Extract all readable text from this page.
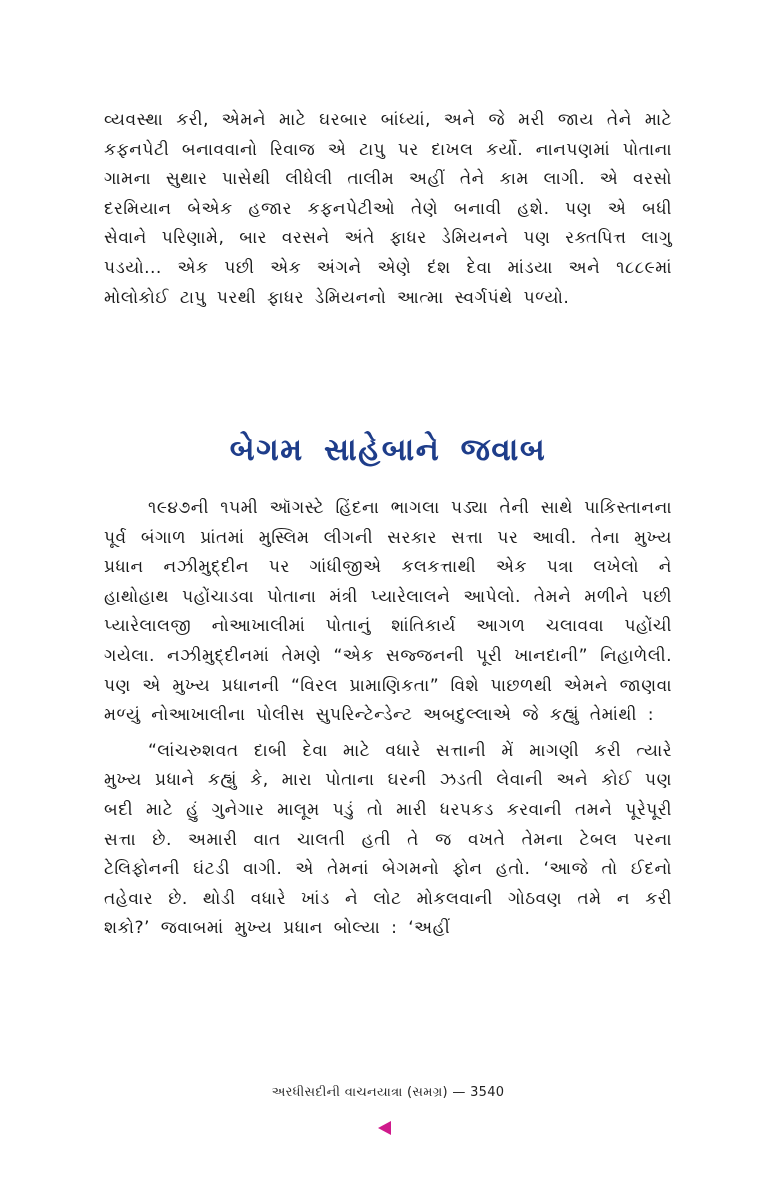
વ્યવસ્થા કરી, એમને માટે ઘરબાર બાંધ્યાં, અને જે મરી જાય તેને માટે કફનપેટી બનાવવાનો રિવાજ એ ટાપુ પર દાખલ કર્યો. નાનપણમાં પોતાના ગામના સુથાર પાસેથી લીધેલી તાલીમ અહીં તેને કામ લાગી. એ વરસો દરમિયાન બેએક હજાર કફનપેટીઓ તેણે બનાવી હશે. પણ એ બધી સેવાને પરિણામે, બાર વરસને અંતે ફાધર ડેમિયનને પણ રક્તપિત્ત લાગુ પડયો... એક પછી એક અંગને એણે દંશ દેવા માંડયા અને ૧૮૮૯માં મોલોકોઈ ટાપુ પરથી ફાધર ડેમિયનનો આત્મા સ્વર્ગપંથે પળ્યો.

બેગમ સાહેબાને જવાબ

૧૯૪૭ની ૧૫મી ઑગસ્ટે હિંદના ભાગલા પડ્યા તેની સાથે પાકિસ્તાનના પૂર્વ બંગાળ પ્રાંતમાં મુસ્લિમ લીગની સરકાર સત્તા પર આવી. તેના મુખ્ય પ્રધાન નઝીમુદ્દીન પર ગાંધીજીએ કલકત્તાથી એક પત્રા લખેલો ને હાથોહાથ પહોંચાડવા પોતાના મંત્રી પ્યારેલાલને આપેલો. તેમને મળીને પછી પ્યારેલાલજી નોઆખાલીમાં પોતાનું શાંતિકાર્ય આગળ ચલાવવા પહોંચી ગયેલા. નઝીમુદ્દીનમાં તેમણે “એક સજ્જનની પૂરી ખાનદાની” નિહાળેલી. પણ એ મુખ્ય પ્રધાનની “વિરલ પ્રામાણિકતા” વિશે પાછળથી એમને જાણવા મળ્યું નોઆખાલીના પોલીસ સુપરિન્ટેન્ડેન્ટ અબદુલ્લાએ જે કહ્યું તેમાંથી :

“લાંચરુશવત દાબી દેવા માટે વધારે સત્તાની મેં માગણી કરી ત્યારે મુખ્ય પ્રધાને કહ્યું કે, મારા પોતાના ઘરની ઝડતી લેવાની અને કોઈ પણ બદી માટે હું ગુનેગાર માલૂમ પડું તો મારી ધરપકડ કરવાની તમને પૂરેપૂરી સત્તા છે. અમારી વાત ચાલતી હતી તે જ વખતે તેમના ટેબલ પરના ટેલિફોનની ઘંટડી વાગી. એ તેમનાં બેગમનો ફોન હતો. ‘આજે તો ઈદનો તહેવાર છે. થોડી વધારે ખાંડ ને લોટ મોકલવાની ગોઠવણ તમે ન કરી શકો?’ જવાબમાં મુખ્ય પ્રધાન બોલ્યા : ‘અહીં

અરધીસદીની વાચનયાત્રા (સમગ્ર) — 3540
